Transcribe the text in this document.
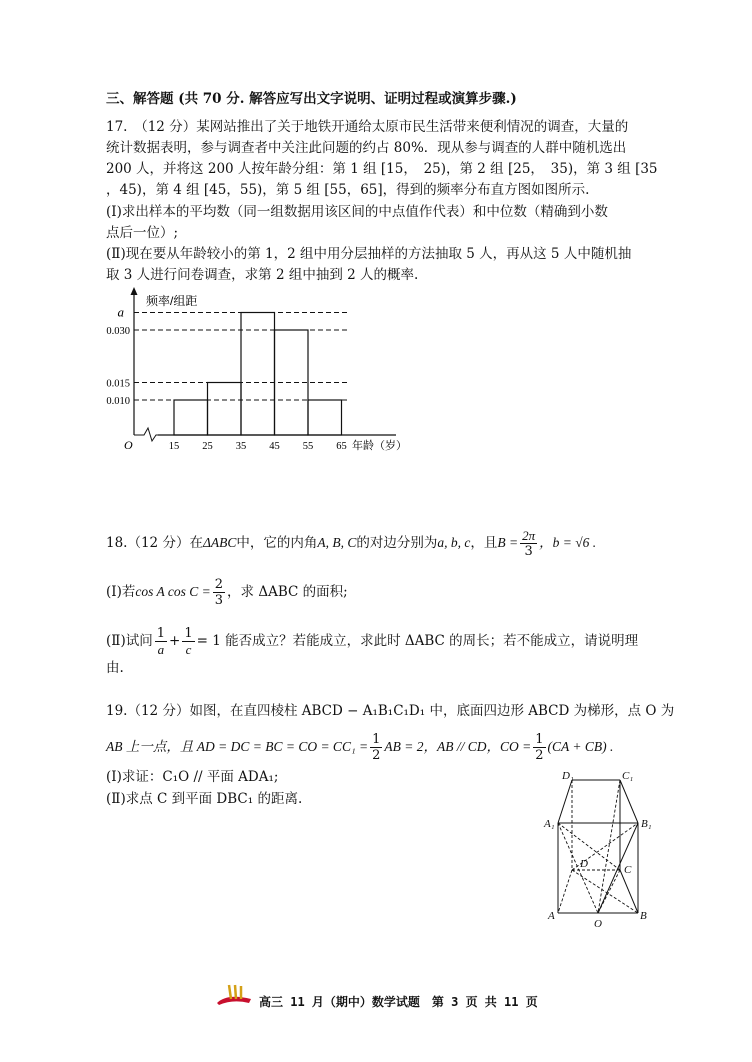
三、解答题 (共 70 分. 解答应写出文字说明、证明过程或演算步骤.)
17.　（12 分）某网站推出了关于地铁开通给太原市民生活带来便利情况的调查，大量的
统计数据表明，参与调查者中关注此问题的约占 80%．现从参与调查的人群中随机选出
200 人，并将这 200 人按年龄分组：第 1 组 [15，　25)，第 2 组 [25，　35)，第 3 组 [35
，45)，第 4 组 [45，55)，第 5 组 [55，65]，得到的频率分布直方图如图所示.
(Ⅰ)求出样本的平均数（同一组数据用该区间的中点值作代表）和中位数（精确到小数
点后一位）;
(Ⅱ)现在要从年龄较小的第 1，2 组中用分层抽样的方法抽取 5 人，再从这 5 人中随机抽
取 3 人进行问卷调查，求第 2 组中抽到 2 人的概率.
频率/组距
O	年龄（岁）
0.010
0.015
0.030
a
15 25 35 45 55 65
18.（12 分）在ΔABC中，它的内角A, B, C的对边分别为a, b, c，且$B = \frac{2\pi}{3}$ ，b = √6 .
(Ⅰ)若cos A $\cos C = \frac{2}{3}$ ，求 ΔABC 的面积;
(Ⅱ)试问 $\frac{1}{a} + \frac{1}{c} = 1$ 能否成立？若能成立，求此时 ΔABC 的周长；若不能成立，请说明理
由.
19.（12 分）如图，在直四棱柱 ABCD − A₁B₁C₁D₁ 中，底面四边形 ABCD 为梯形，点 O 为
AB 上一点，且 AD = DC = BC = CO = $CC_1 = \frac{1}{2}$ AB = 2，AB // CD，CO = $\frac{1}{2} (CA + CB)$ .
(Ⅰ)求证：C₁O // 平面 ADA₁;
(Ⅱ)求点 C 到平面 DBC₁ 的距离.
D₁	C₁
A₁	B₁
D	C
A
O
B
高三 11 月（期中）数学试题　第 3 页 共 11 页
